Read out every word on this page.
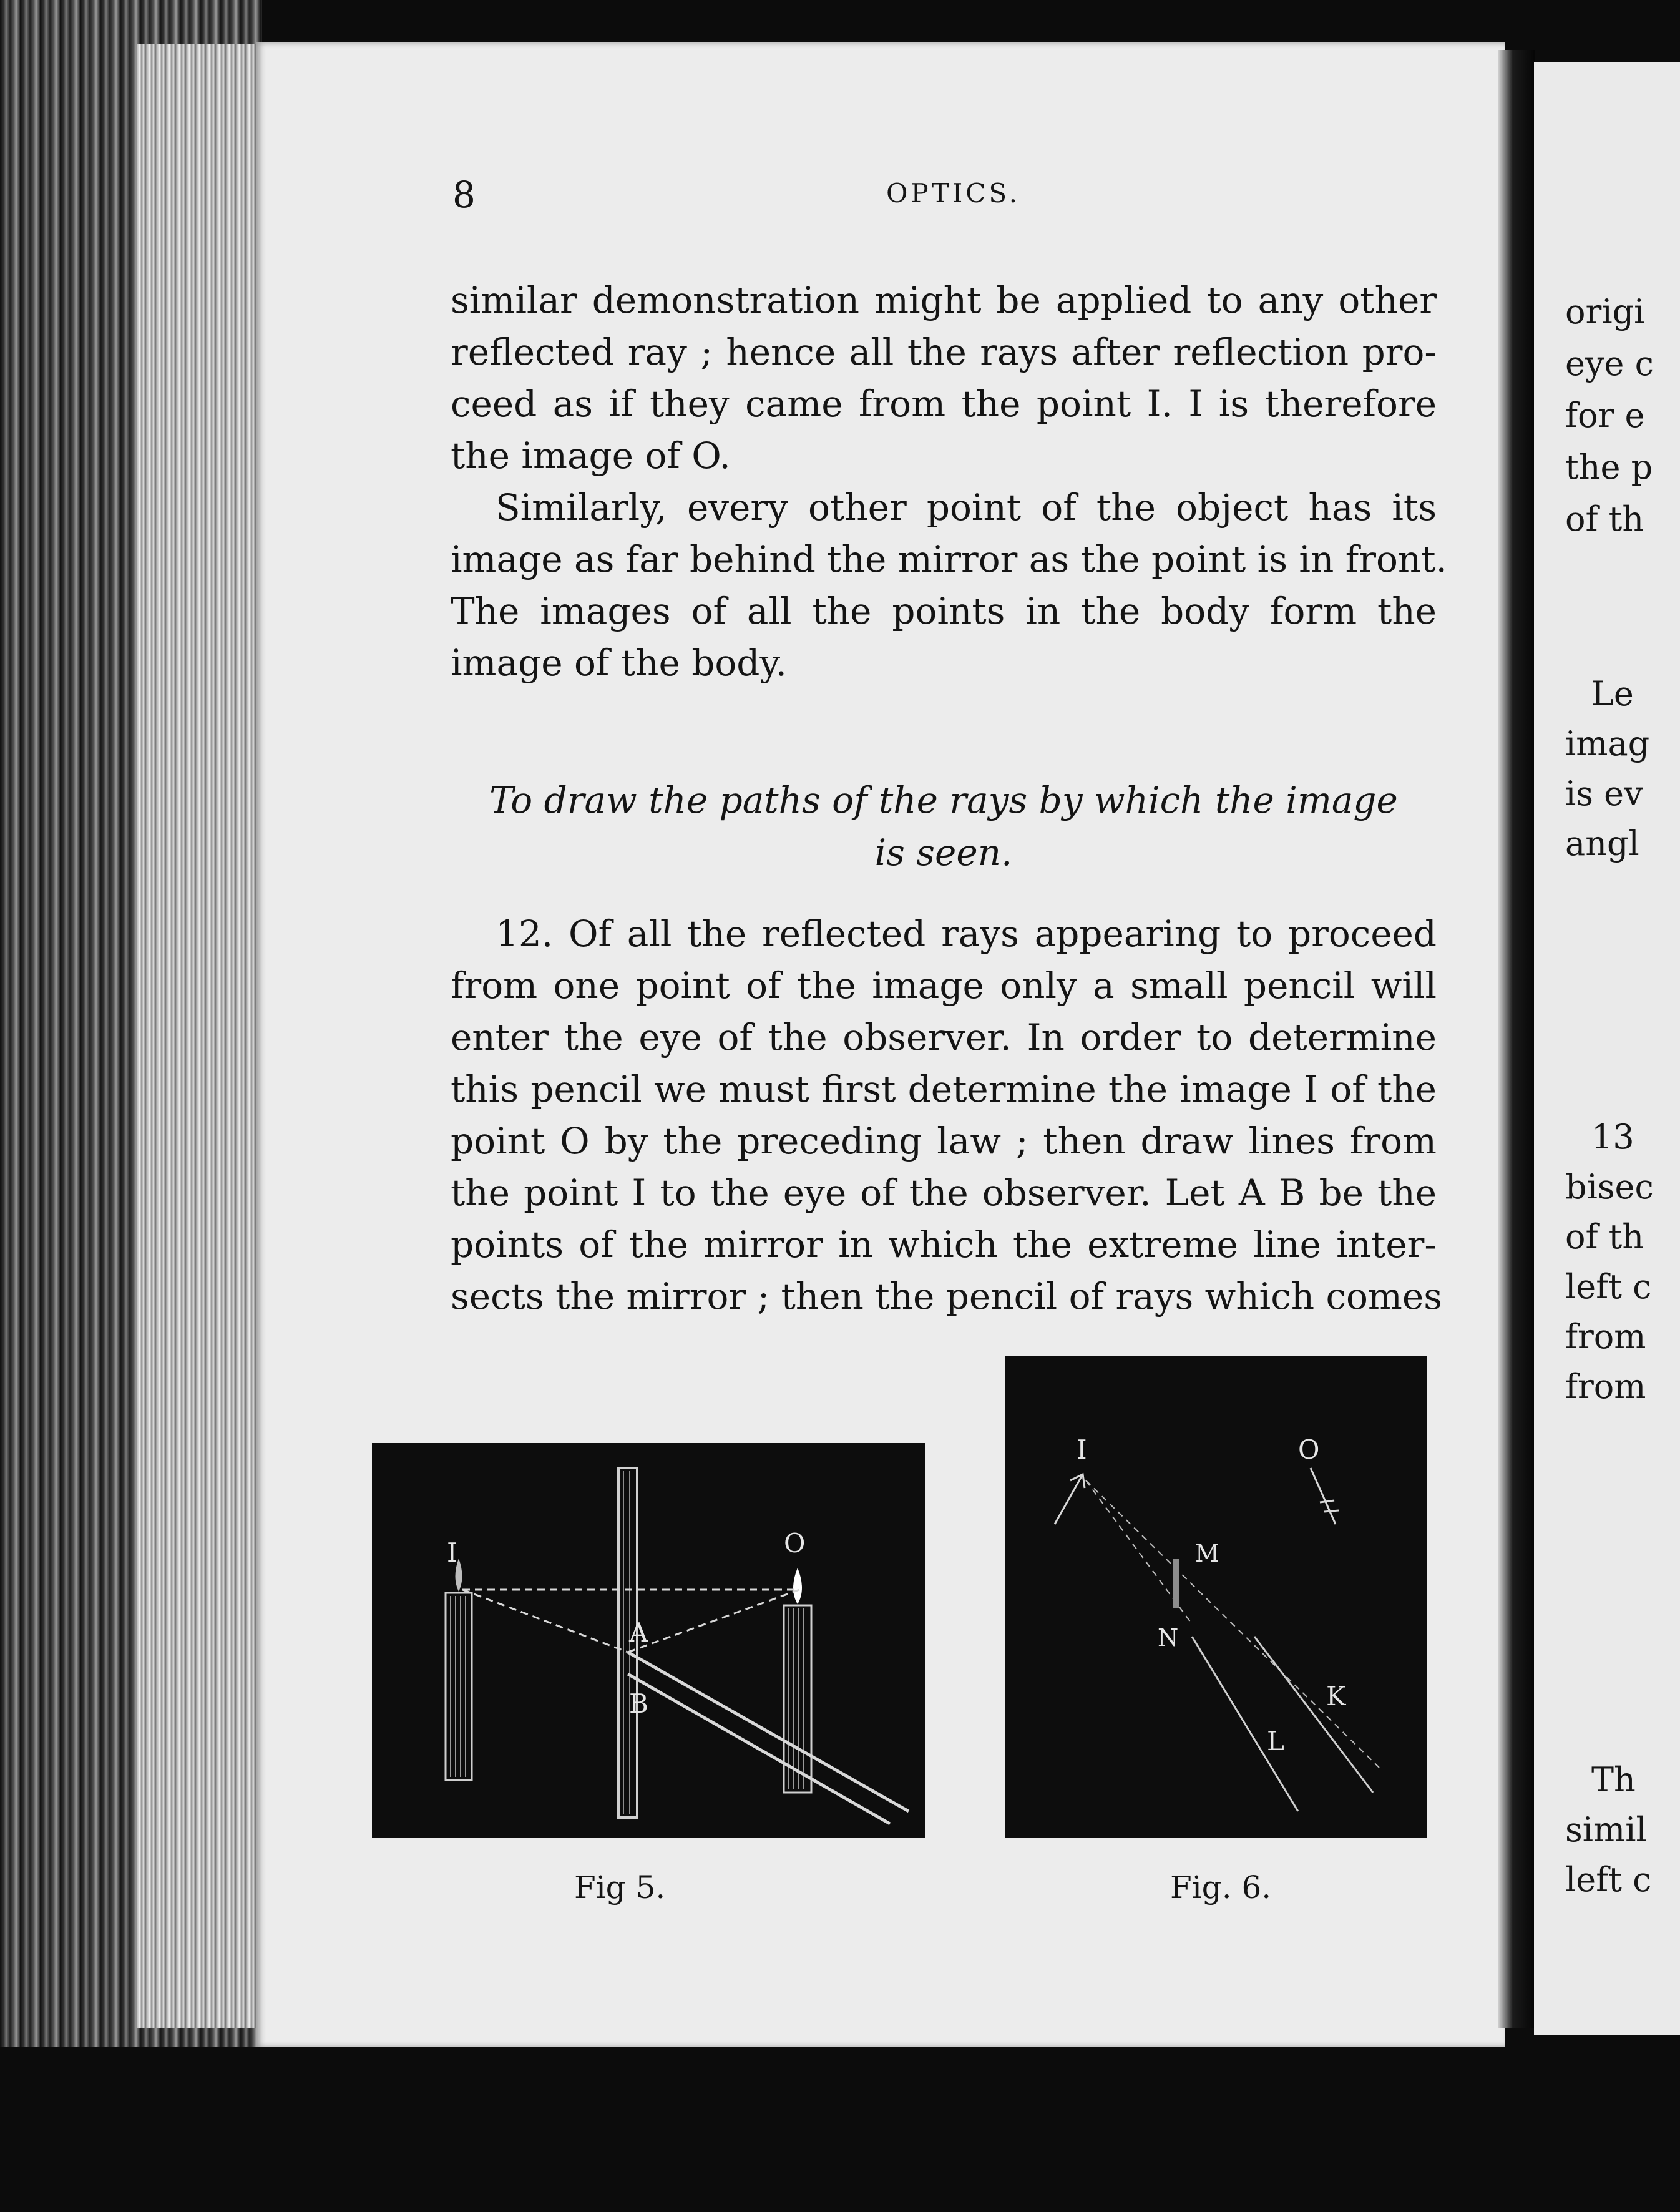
8	OPTICS.

similar demonstration might be applied to any other
reflected ray ; hence all the rays after reflection pro-
ceed as if they came from the point I. I is therefore
the image of O.

Similarly, every other point of the object has its
image as far behind the mirror as the point is in front.
The images of all the points in the body form the
image of the body.

To draw the paths of the rays by which the image
is seen.

12. Of all the reflected rays appearing to proceed
from one point of the image only a small pencil will
enter the eye of the observer. In order to determine
this pencil we must first determine the image I of the
point O by the preceding law ; then draw lines from
the point I to the eye of the observer. Let A B be the
points of the mirror in which the extreme line inter-
sects the mirror ; then the pencil of rays which comes

I	O
A
B
Fig 5.
I	O
M
N
K
L
Fig. 6.
origi
eye c
for e
the p
of th
Le
imag
is ev
angl
13
bisec
of th
left c
from
from
Th
simil
left c
